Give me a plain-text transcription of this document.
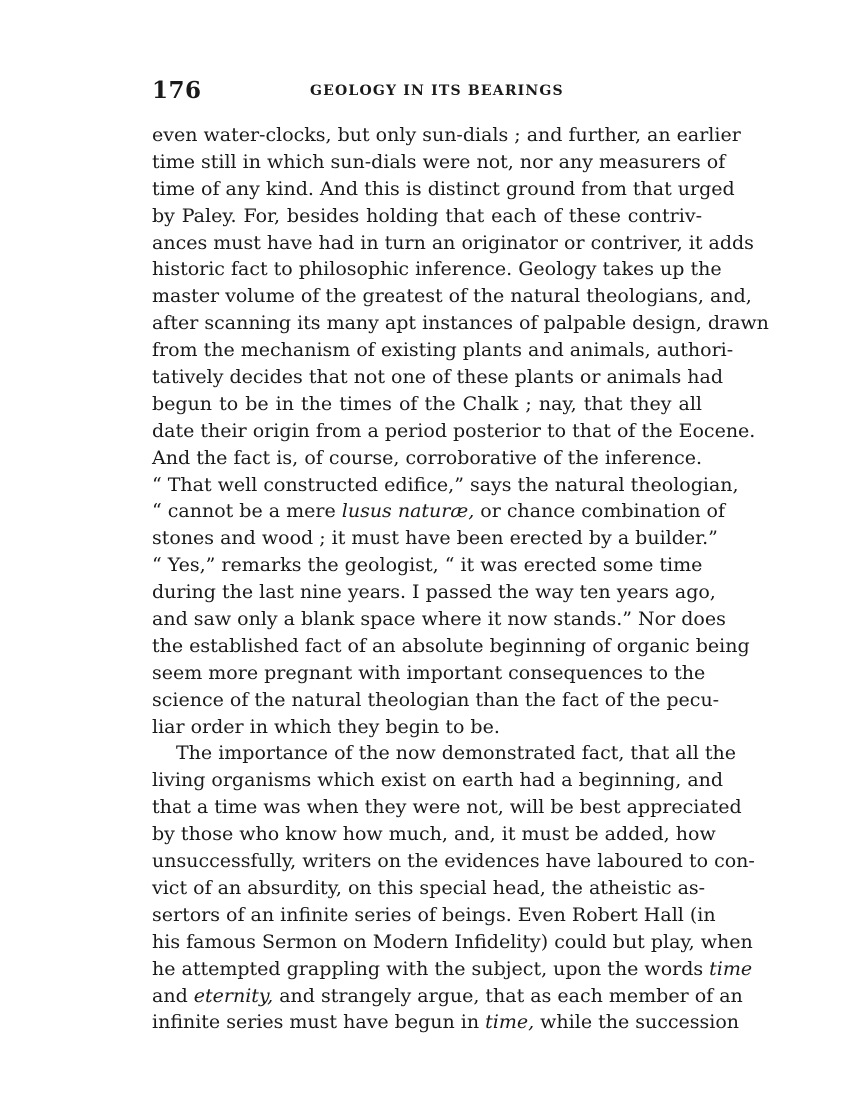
176	GEOLOGY IN ITS BEARINGS
even water-clocks, but only sun-dials ; and further, an earlier
time still in which sun-dials were not, nor any measurers of
time of any kind. And this is distinct ground from that urged
by Paley. For, besides holding that each of these contriv-
ances must have had in turn an originator or contriver, it adds
historic fact to philosophic inference. Geology takes up the
master volume of the greatest of the natural theologians, and,
after scanning its many apt instances of palpable design, drawn
from the mechanism of existing plants and animals, authori-
tatively decides that not one of these plants or animals had
begun to be in the times of the Chalk ; nay, that they all
date their origin from a period posterior to that of the Eocene.
And the fact is, of course, corroborative of the inference.
“ That well constructed edifice,” says the natural theologian,
“ cannot be a mere lusus naturæ, or chance combination of
stones and wood ; it must have been erected by a builder.”
“ Yes,” remarks the geologist, “ it was erected some time
during the last nine years. I passed the way ten years ago,
and saw only a blank space where it now stands.” Nor does
the established fact of an absolute beginning of organic being
seem more pregnant with important consequences to the
science of the natural theologian than the fact of the pecu-
liar order in which they begin to be.
The importance of the now demonstrated fact, that all the
living organisms which exist on earth had a beginning, and
that a time was when they were not, will be best appreciated
by those who know how much, and, it must be added, how
unsuccessfully, writers on the evidences have laboured to con-
vict of an absurdity, on this special head, the atheistic as-
sertors of an infinite series of beings. Even Robert Hall (in
his famous Sermon on Modern Infidelity) could but play, when
he attempted grappling with the subject, upon the words time
and eternity, and strangely argue, that as each member of an
infinite series must have begun in time, while the succession
